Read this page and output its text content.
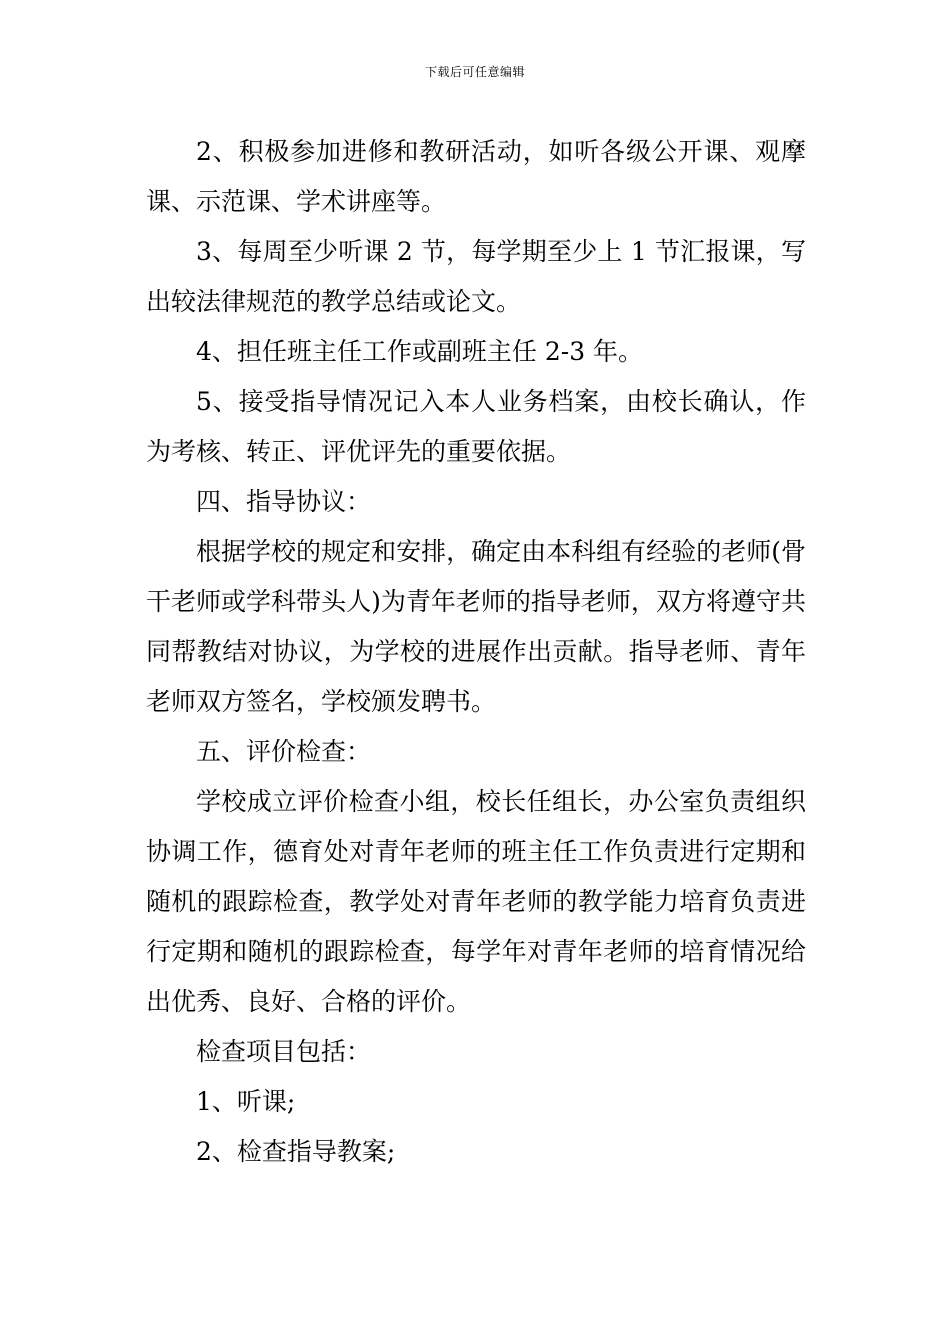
下载后可任意编辑

2、积极参加进修和教研活动，如听各级公开课、观摩课、示范课、学术讲座等。

3、每周至少听课 2 节，每学期至少上 1 节汇报课，写出较法律规范的教学总结或论文。

4、担任班主任工作或副班主任 2-3 年。

5、接受指导情况记入本人业务档案，由校长确认，作为考核、转正、评优评先的重要依据。

四、指导协议：

根据学校的规定和安排，确定由本科组有经验的老师(骨干老师或学科带头人)为青年老师的指导老师，双方将遵守共同帮教结对协议，为学校的进展作出贡献。指导老师、青年老师双方签名，学校颁发聘书。

五、评价检查：

学校成立评价检查小组，校长任组长，办公室负责组织协调工作，德育处对青年老师的班主任工作负责进行定期和随机的跟踪检查，教学处对青年老师的教学能力培育负责进行定期和随机的跟踪检查，每学年对青年老师的培育情况给出优秀、良好、合格的评价。

检查项目包括：

1、听课;

2、检查指导教案;
